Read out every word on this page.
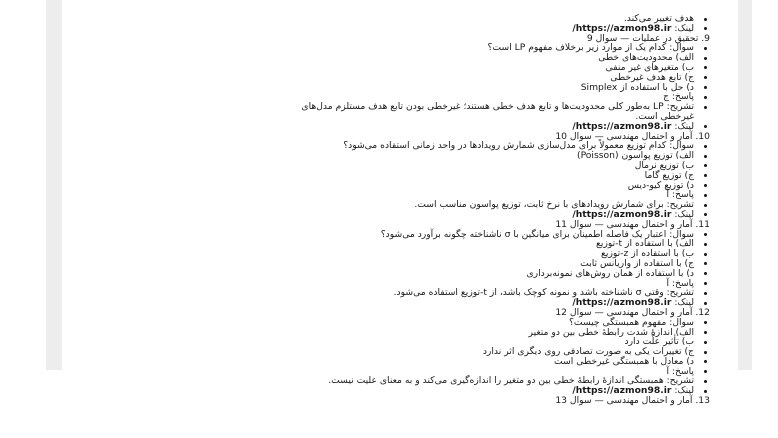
هدف تغییر می‌کند.
لینک: https://azmon98.ir/
9. تحقیق در عملیات — سوال 9
سوال: کدام یک از موارد زیر برخلاف مفهوم LP است؟
الف) محدودیت‌های خطی
ب) متغیرهای غیر منفی
ج) تابع هدف غیرخطی
د) حل با استفاده از Simplex
پاسخ: ج
تشریح: LP به‌طور کلی محدودیت‌ها و تابع هدف خطی هستند؛ غیرخطی بودن تابع هدف مستلزم مدل‌های
غیرخطی است.
لینک: https://azmon98.ir/
10. آمار و احتمال مهندسی — سوال 10
سوال: کدام توزیع معمولاً برای مدل‌سازی شمارش رویدادها در واحد زمانی استفاده می‌شود؟
الف) توزیع پواسون (Poisson)
ب) توزیع نرمال
ج) توزیع گاما
د) توزیع کیو-دیس
پاسخ: آ
تشریح: برای شمارش رویدادهای با نرخ ثابت، توزیع پواسون مناسب است.
لینک: https://azmon98.ir/
11. آمار و احتمال مهندسی — سوال 11
سوال: اعتبار یک فاصله اطمینان برای میانگین با σ ناشناخته چگونه برآورد می‌شود؟
الف) با استفاده از t-توزیع
ب) با استفاده از z-توزیع
ج) با استفاده از واریانس ثابت
د) با استفاده از همان روش‌های نمونه‌برداری
پاسخ: آ
تشریح: وقتی σ ناشناخته باشد و نمونه کوچک باشد، از t-توزیع استفاده می‌شود.
لینک: https://azmon98.ir/
12. آمار و احتمال مهندسی — سوال 12
سوال: مفهوم همبستگی چیست؟
الف) اندازهٔ شدت رابطهٔ خطی بین دو متغیر
ب) تأثیر علّت دارد
ج) تغییرات یکی به صورت تصادفی روی دیگری اثر ندارد
د) معادل با همبستگی غیرخطی است
پاسخ: آ
تشریح: همبستگی اندازهٔ رابطهٔ خطی بین دو متغیر را اندازه‌گیری می‌کند و به معنای علیت نیست.
لینک: https://azmon98.ir/
13. آمار و احتمال مهندسی — سوال 13
